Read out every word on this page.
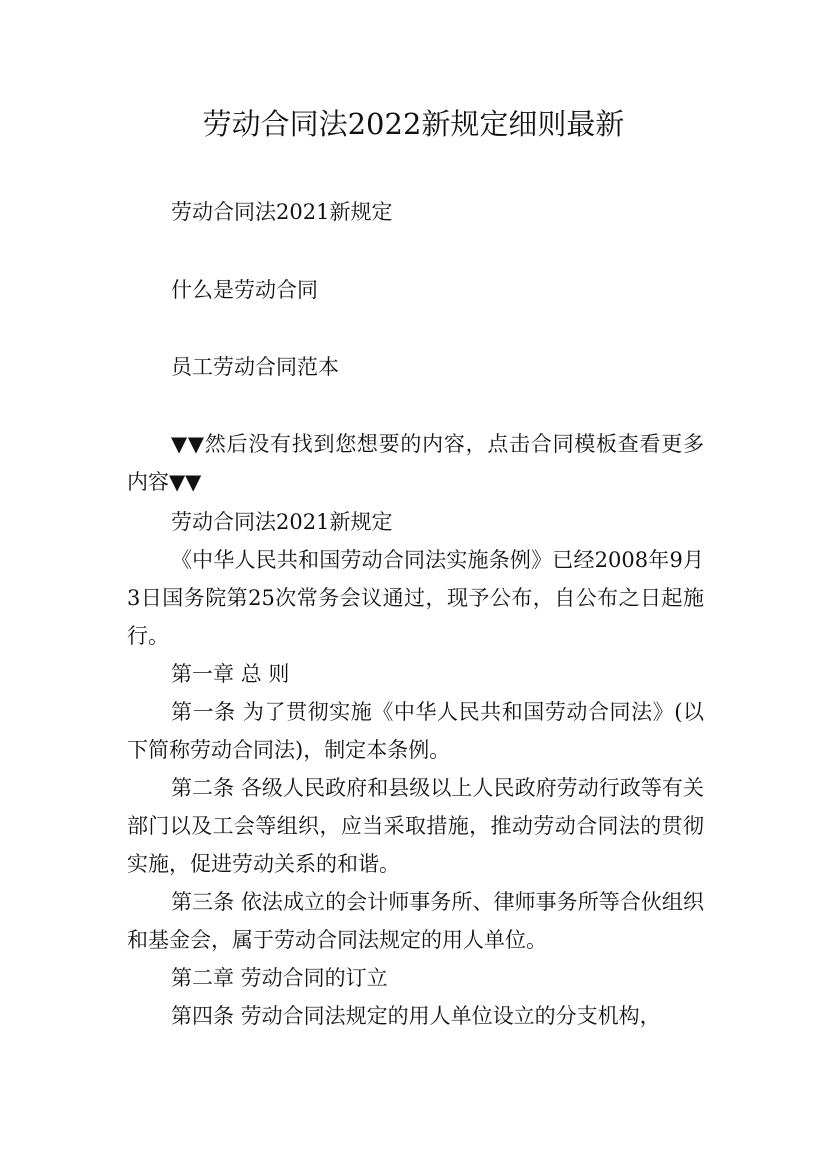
劳动合同法2022新规定细则最新

劳动合同法2021新规定

什么是劳动合同

员工劳动合同范本

▼▼然后没有找到您想要的内容，点击合同模板查看更多内容▼▼

劳动合同法2021新规定

《中华人民共和国劳动合同法实施条例》已经2008年9月3日国务院第25次常务会议通过，现予公布，自公布之日起施行。

第一章 总 则

第一条 为了贯彻实施《中华人民共和国劳动合同法》(以下简称劳动合同法)，制定本条例。

第二条 各级人民政府和县级以上人民政府劳动行政等有关部门以及工会等组织，应当采取措施，推动劳动合同法的贯彻实施，促进劳动关系的和谐。

第三条 依法成立的会计师事务所、律师事务所等合伙组织和基金会，属于劳动合同法规定的用人单位。

第二章 劳动合同的订立

第四条 劳动合同法规定的用人单位设立的分支机构，
